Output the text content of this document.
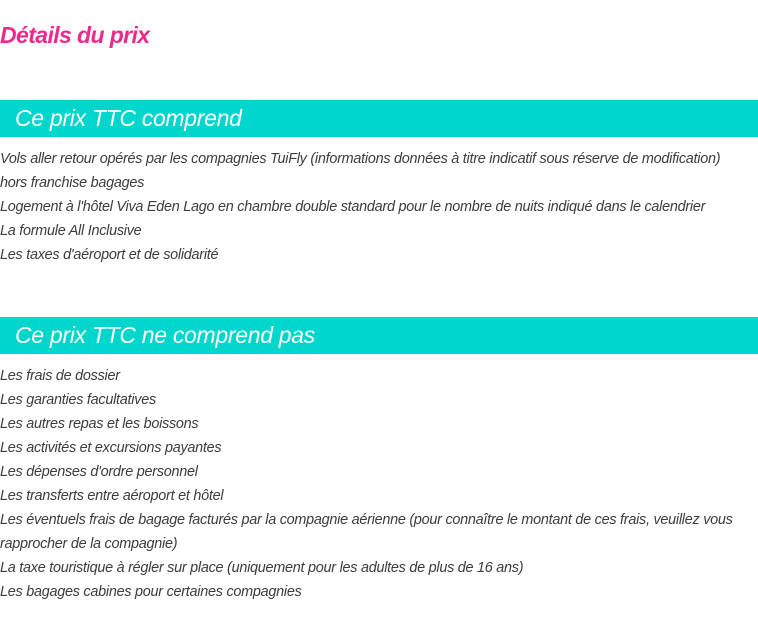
Détails du prix
Ce prix TTC comprend
Vols aller retour opérés par les compagnies TuiFly (informations données à titre indicatif sous réserve de modification)
hors franchise bagages
Logement à l'hôtel Viva Eden Lago en chambre double standard pour le nombre de nuits indiqué dans le calendrier
La formule All Inclusive
Les taxes d'aéroport et de solidarité
Ce prix TTC ne comprend pas
Les frais de dossier
Les garanties facultatives
Les autres repas et les boissons
Les activités et excursions payantes
Les dépenses d'ordre personnel
Les transferts entre aéroport et hôtel
Les éventuels frais de bagage facturés par la compagnie aérienne (pour connaître le montant de ces frais, veuillez vous
rapprocher de la compagnie)
La taxe touristique à régler sur place (uniquement pour les adultes de plus de 16 ans)
Les bagages cabines pour certaines compagnies
